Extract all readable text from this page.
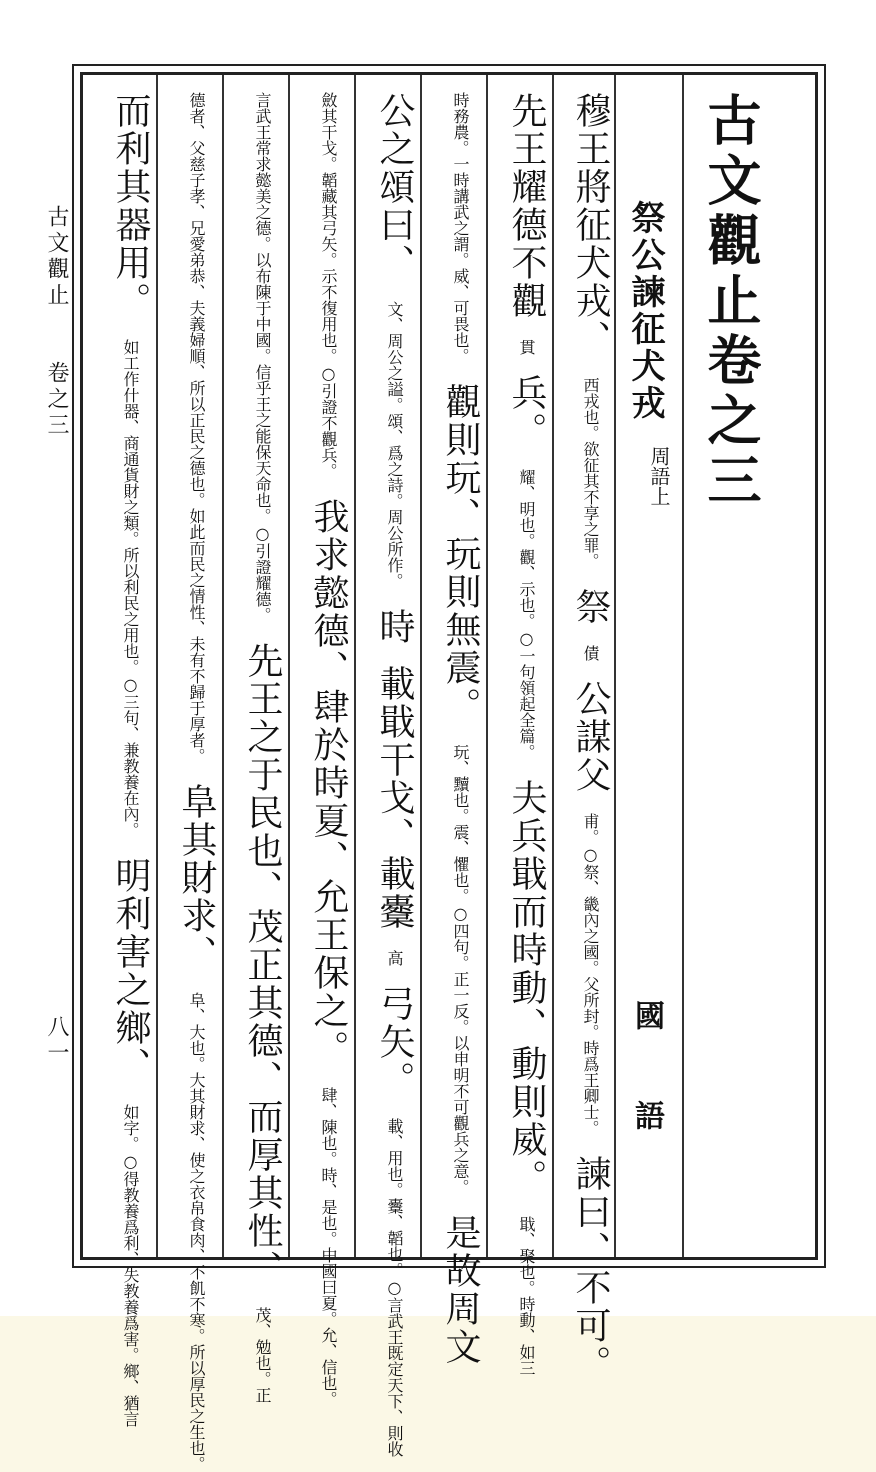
古文觀止卷之三
祭公諫征犬戎
周語上
國　語
古文觀止　　卷之三
八一
穆王將征犬戎、 西戎也。欲征其不享之罪。 祭 債 公謀父 甫。○祭、畿內之國。父所封。時爲王卿士。 諫曰、不可。
先王耀德不觀 貫 兵。 耀、明也。觀、示也。○一句領起全篇。 夫兵戢而時動、動則威。 戢、聚也。時動、如三
時務農。一時講武之謂。威、可畏也。 觀則玩、玩則無震。 玩、黷也。震、懼也。○四句。正一反。以申明不可觀兵之意。 是故周文
公之頌曰、 文、周公之謚。頌、爲之詩。周公所作。 時 載戢干戈、載櫜 高 弓矢。 載、用也。櫜、韜也。○言武王既定天下、則收
斂其干戈。韜藏其弓矢。示不復用也。○引證不觀兵。 我求懿德、肆於時夏、允王保之。 肆、陳也。時、是也。中國曰夏。允、信也。
言武王常求懿美之德。以布陳于中國。信乎王之能保天命也。○引證耀德。 先王之于民也、茂正其德、而厚其性、 茂、勉也。正
德者、父慈子孝、兄愛弟恭、夫義婦順、所以正民之德也。如此而民之情性、未有不歸于厚者。 阜其財求、 阜、大也。大其財求、使之衣帛食肉、不飢不寒。所以厚民之生也。
而利其器用。 如工作什器、商通貨財之類。所以利民之用也。○三句、兼教養在內。 明利害之鄉、 如字。○得教養爲利、失教養爲害。鄉、猶言
